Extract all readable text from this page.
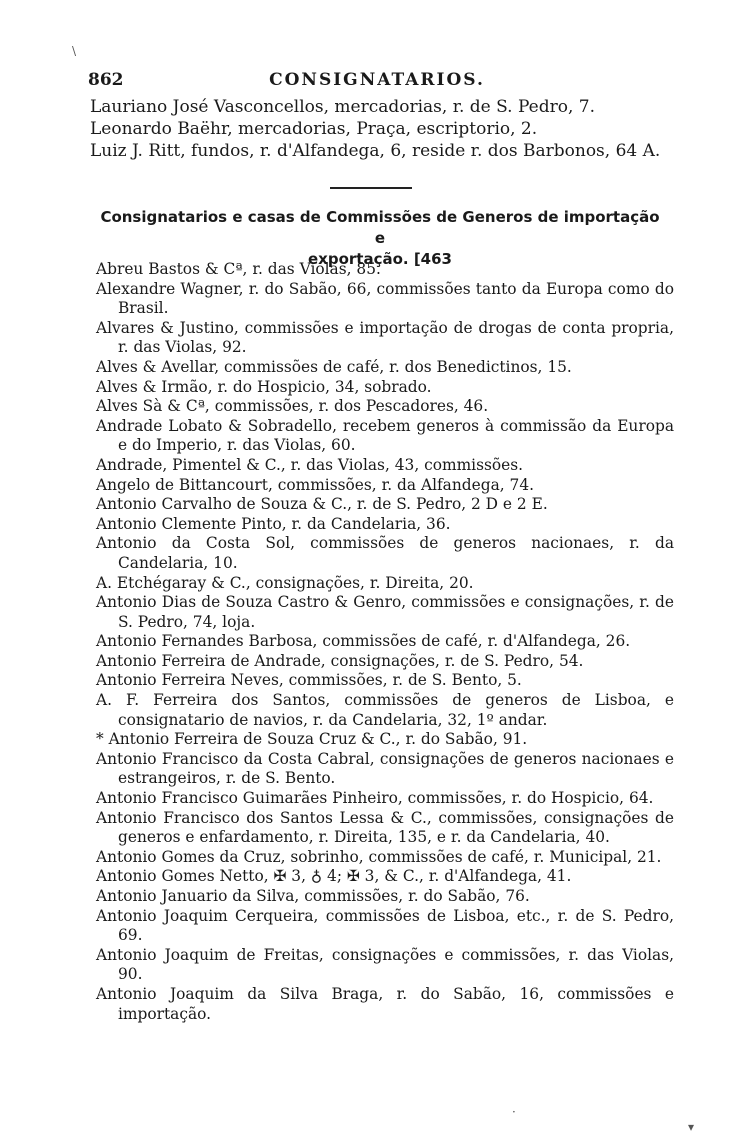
\
862	CONSIGNATARIOS.
Lauriano José Vasconcellos, mercadorias, r. de S. Pedro, 7.
Leonardo Baëhr, mercadorias, Praça, escriptorio, 2.
Luiz J. Ritt, fundos, r. d'Alfandega, 6, reside r. dos Barbonos, 64 A.
Consignatarios e casas de Commissões de Generos de importação e
exportação. [463
Abreu Bastos & Cª, r. das Violas, 85.
Alexandre Wagner, r. do Sabão, 66, commissões tanto da Europa como do Brasil.
Alvares & Justino, commissões e importação de drogas de conta propria, r. das Violas, 92.
Alves & Avellar, commissões de café, r. dos Benedictinos, 15.
Alves & Irmão, r. do Hospicio, 34, sobrado.
Alves Sà & Cª, commissões, r. dos Pescadores, 46.
Andrade Lobato & Sobradello, recebem generos à commissão da Europa e do Imperio, r. das Violas, 60.
Andrade, Pimentel & C., r. das Violas, 43, commissões.
Angelo de Bittancourt, commissões, r. da Alfandega, 74.
Antonio Carvalho de Souza & C., r. de S. Pedro, 2 D e 2 E.
Antonio Clemente Pinto, r. da Candelaria, 36.
Antonio da Costa Sol, commissões de generos nacionaes, r. da Candelaria, 10.
A. Etchégaray & C., consignações, r. Direita, 20.
Antonio Dias de Souza Castro & Genro, commissões e consignações, r. de S. Pedro, 74, loja.
Antonio Fernandes Barbosa, commissões de café, r. d'Alfandega, 26.
Antonio Ferreira de Andrade, consignações, r. de S. Pedro, 54.
Antonio Ferreira Neves, commissões, r. de S. Bento, 5.
A. F. Ferreira dos Santos, commissões de generos de Lisboa, e consignatario de navios, r. da Candelaria, 32, 1º andar.
* Antonio Ferreira de Souza Cruz & C., r. do Sabão, 91.
Antonio Francisco da Costa Cabral, consignações de generos nacionaes e estrangeiros, r. de S. Bento.
Antonio Francisco Guimarães Pinheiro, commissões, r. do Hospicio, 64.
Antonio Francisco dos Santos Lessa & C., commissões, consignações de generos e enfardamento, r. Direita, 135, e r. da Candelaria, 40.
Antonio Gomes da Cruz, sobrinho, commissões de café, r. Municipal, 21.
Antonio Gomes Netto, ✠ 3, ♁ 4; ✠ 3, & C., r. d'Alfandega, 41.
Antonio Januario da Silva, commissões, r. do Sabão, 76.
Antonio Joaquim Cerqueira, commissões de Lisboa, etc., r. de S. Pedro, 69.
Antonio Joaquim de Freitas, consignações e commissões, r. das Violas, 90.
Antonio Joaquim da Silva Braga, r. do Sabão, 16, commissões e importação.
·
▾
